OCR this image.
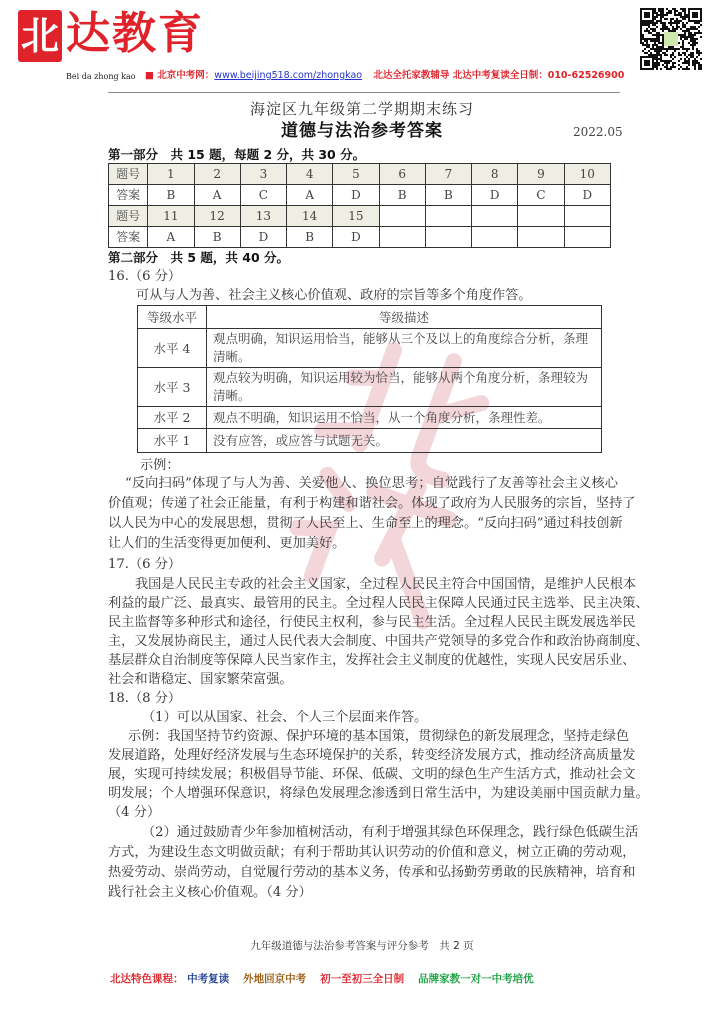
北 达教育
Bei da zhong kao ■ 北京中考网：www.beijing518.com/zhongkao 北达全托家教辅导 北达中考复读全日制：010-62526900
海淀区九年级第二学期期末练习
道德与法治参考答案	2022.05
第一部分　共 15 题，每题 2 分，共 30 分。
题号	1	2	3	4	5	6	7	8	9	10
答案	B	A	C	A	D	B	B	D	C	D
题号	11	12	13	14	15					
答案	A	B	D	B	D					
第二部分　共 5 题，共 40 分。
16.（6 分）
可从与人为善、社会主义核心价值观、政府的宗旨等多个角度作答。
等级水平	等级描述
水平 4	观点明确，知识运用恰当，能够从三个及以上的角度综合分析，条理清晰。
水平 3	观点较为明确，知识运用较为恰当，能够从两个角度分析，条理较为清晰。
水平 2	观点不明确，知识运用不恰当，从一个角度分析，条理性差。
水平 1	没有应答，或应答与试题无关。
示例：
“反向扫码”体现了与人为善、关爱他人、换位思考；自觉践行了友善等社会主义核心
价值观；传递了社会正能量，有利于构建和谐社会。体现了政府为人民服务的宗旨，坚持了
以人民为中心的发展思想，贯彻了人民至上、生命至上的理念。“反向扫码”通过科技创新
让人们的生活变得更加便利、更加美好。
17.（6 分）
我国是人民民主专政的社会主义国家，全过程人民民主符合中国国情，是维护人民根本
利益的最广泛、最真实、最管用的民主。全过程人民民主保障人民通过民主选举、民主决策、
民主监督等多种形式和途径，行使民主权利，参与民主生活。全过程人民民主既发展选举民
主，又发展协商民主，通过人民代表大会制度、中国共产党领导的多党合作和政治协商制度、
基层群众自治制度等保障人民当家作主，发挥社会主义制度的优越性，实现人民安居乐业、
社会和谐稳定、国家繁荣富强。
18.（8 分）
（1）可以从国家、社会、个人三个层面来作答。
示例：我国坚持节约资源、保护环境的基本国策，贯彻绿色的新发展理念，坚持走绿色
发展道路，处理好经济发展与生态环境保护的关系，转变经济发展方式，推动经济高质量发
展，实现可持续发展；积极倡导节能、环保、低碳、文明的绿色生产生活方式，推动社会文
明发展；个人增强环保意识，将绿色发展理念渗透到日常生活中，为建设美丽中国贡献力量。
（4 分）
（2）通过鼓励青少年参加植树活动，有利于增强其绿色环保理念，践行绿色低碳生活
方式，为建设生态文明做贡献；有利于帮助其认识劳动的价值和意义，树立正确的劳动观，
热爱劳动、崇尚劳动，自觉履行劳动的基本义务，传承和弘扬勤劳勇敢的民族精神，培育和
践行社会主义核心价值观。（4 分）
九年级道德与法治参考答案与评分参考　共 2 页
北达特色课程： 中考复读 外地回京中考 初一至初三全日制 品牌家教一对一中考培优
